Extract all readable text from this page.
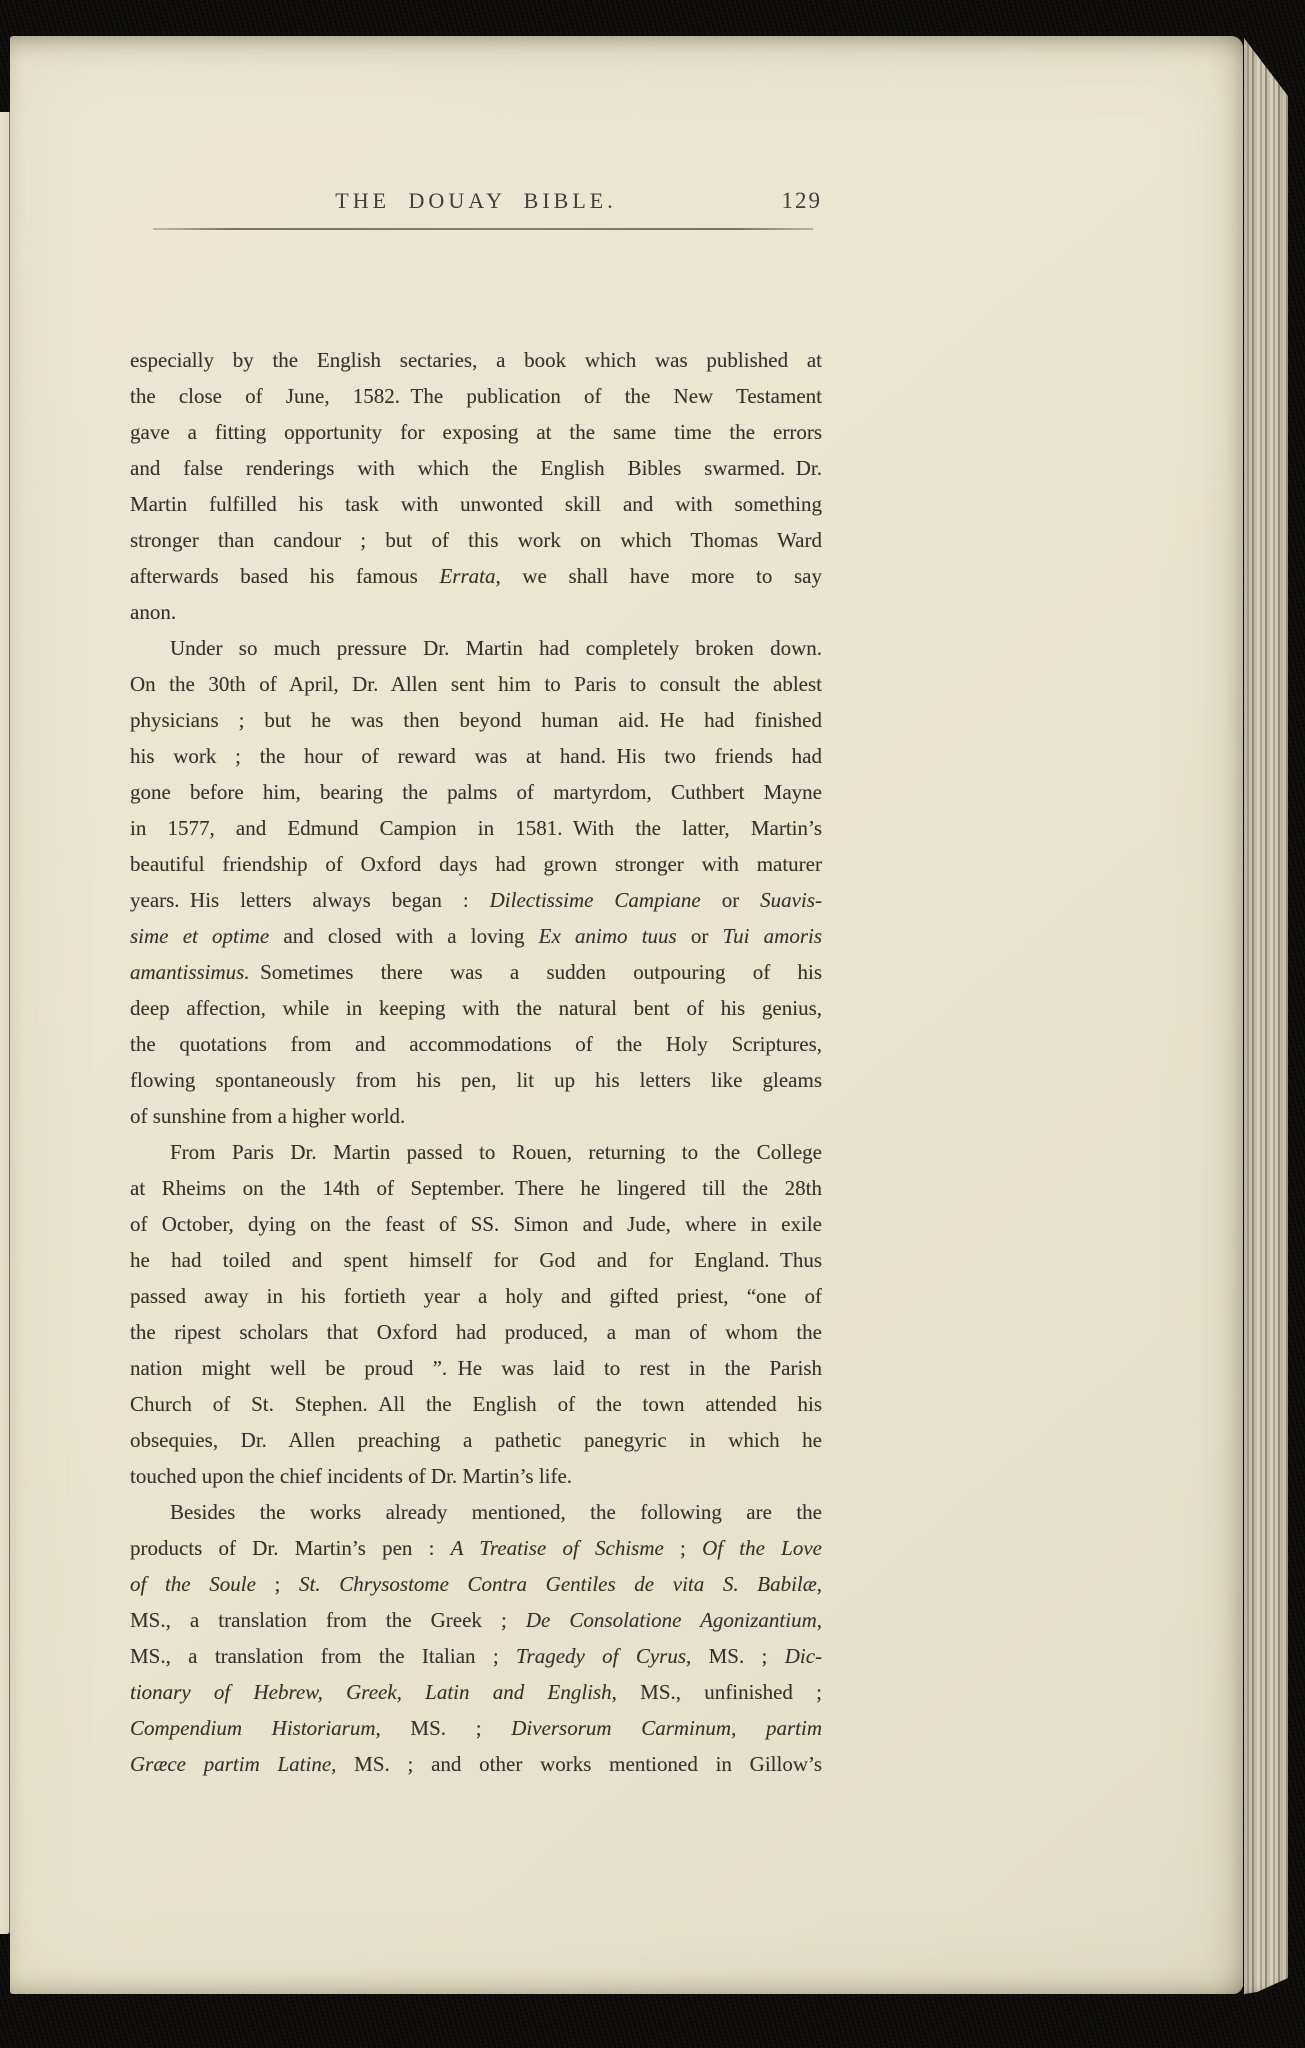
THE DOUAY BIBLE.	129
especially by the English sectaries, a book which was published at
the close of June, 1582. The publication of the New Testament
gave a fitting opportunity for exposing at the same time the errors
and false renderings with which the English Bibles swarmed. Dr.
Martin fulfilled his task with unwonted skill and with something
stronger than candour ; but of this work on which Thomas Ward
afterwards based his famous Errata, we shall have more to say
anon.
Under so much pressure Dr. Martin had completely broken down.
On the 30th of April, Dr. Allen sent him to Paris to consult the ablest
physicians ; but he was then beyond human aid. He had finished
his work ; the hour of reward was at hand. His two friends had
gone before him, bearing the palms of martyrdom, Cuthbert Mayne
in 1577, and Edmund Campion in 1581. With the latter, Martin’s
beautiful friendship of Oxford days had grown stronger with maturer
years. His letters always began : Dilectissime Campiane or Suavis-
sime et optime and closed with a loving Ex animo tuus or Tui amoris
amantissimus. Sometimes there was a sudden outpouring of his
deep affection, while in keeping with the natural bent of his genius,
the quotations from and accommodations of the Holy Scriptures,
flowing spontaneously from his pen, lit up his letters like gleams
of sunshine from a higher world.
From Paris Dr. Martin passed to Rouen, returning to the College
at Rheims on the 14th of September. There he lingered till the 28th
of October, dying on the feast of SS. Simon and Jude, where in exile
he had toiled and spent himself for God and for England. Thus
passed away in his fortieth year a holy and gifted priest, “one of
the ripest scholars that Oxford had produced, a man of whom the
nation might well be proud ”. He was laid to rest in the Parish
Church of St. Stephen. All the English of the town attended his
obsequies, Dr. Allen preaching a pathetic panegyric in which he
touched upon the chief incidents of Dr. Martin’s life.
Besides the works already mentioned, the following are the
products of Dr. Martin’s pen : A Treatise of Schisme ; Of the Love
of the Soule ; St. Chrysostome Contra Gentiles de vita S. Babilæ,
MS., a translation from the Greek ; De Consolatione Agonizantium,
MS., a translation from the Italian ; Tragedy of Cyrus, MS. ; Dic-
tionary of Hebrew, Greek, Latin and English, MS., unfinished ;
Compendium Historiarum, MS. ; Diversorum Carminum, partim
Græce partim Latine, MS. ; and other works mentioned in Gillow’s
